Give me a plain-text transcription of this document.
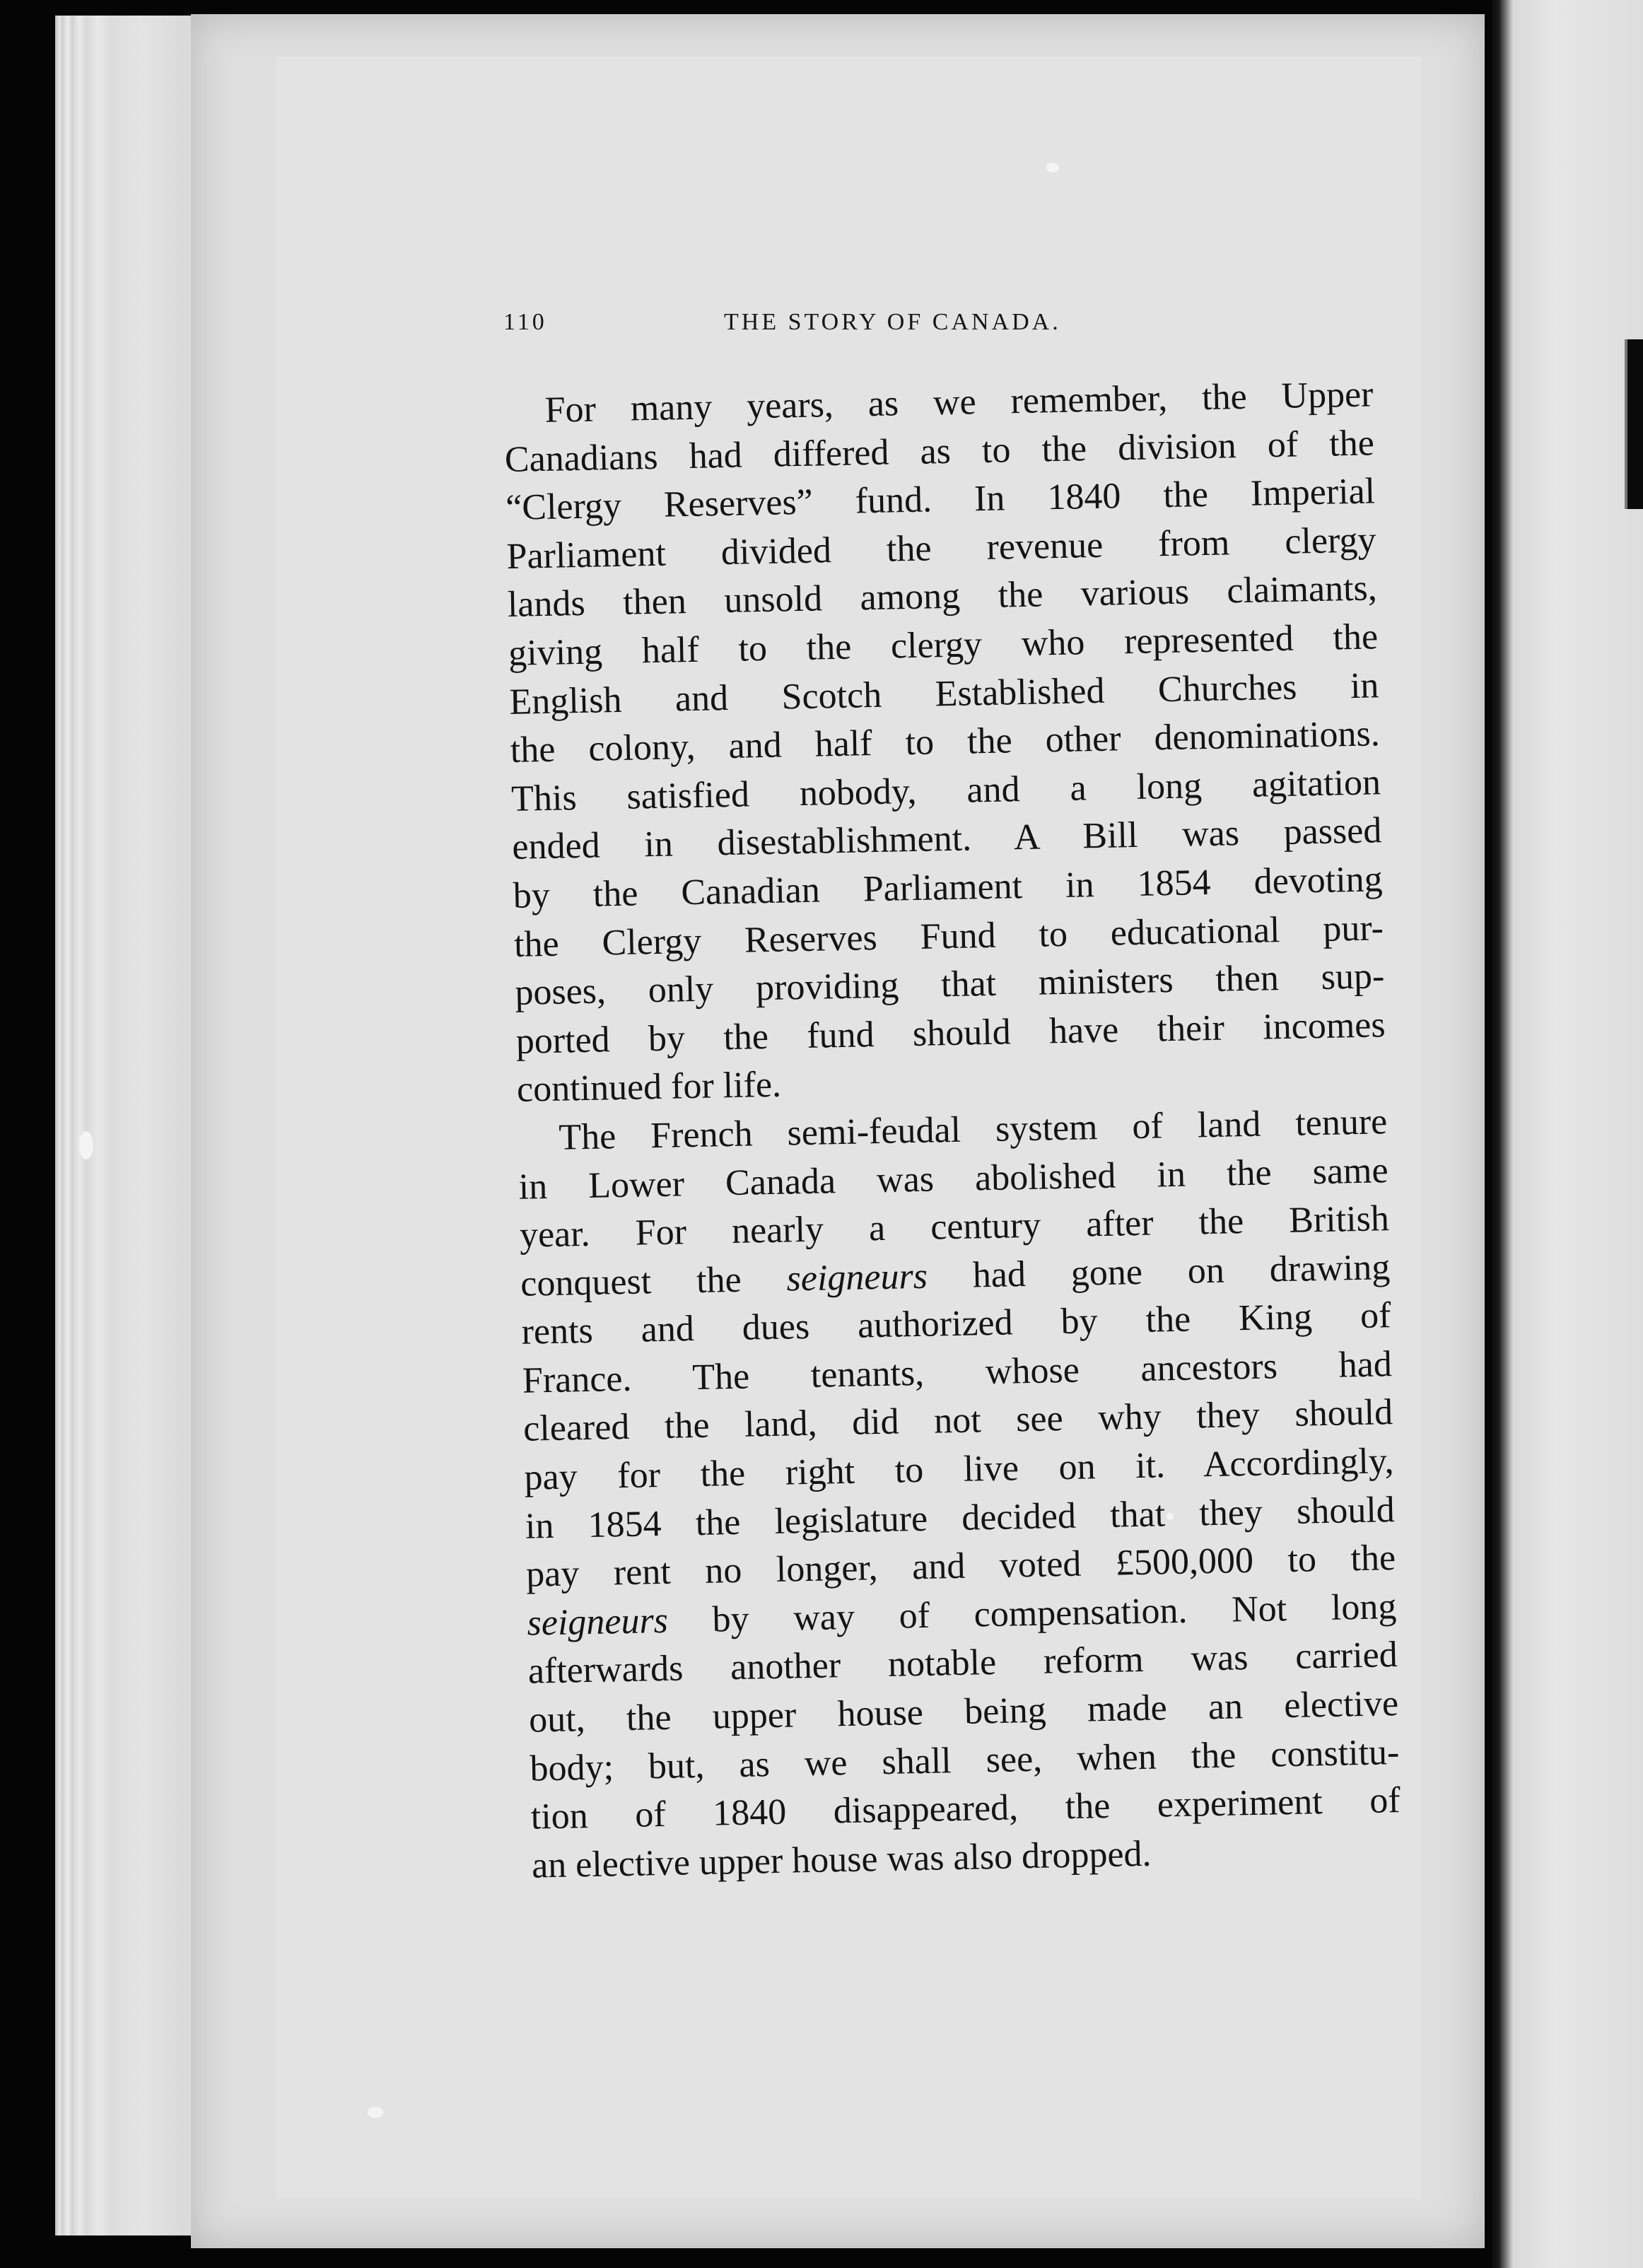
110	THE STORY OF CANADA.

For many years, as we remember, the Upper
Canadians had differed as to the division of the
“Clergy Reserves” fund. In 1840 the Imperial
Parliament divided the revenue from clergy
lands then unsold among the various claimants,
giving half to the clergy who represented the
English and Scotch Established Churches in
the colony, and half to the other denominations.
This satisfied nobody, and a long agitation
ended in disestablishment. A Bill was passed
by the Canadian Parliament in 1854 devoting
the Clergy Reserves Fund to educational pur-
poses, only providing that ministers then sup-
ported by the fund should have their incomes
continued for life.

The French semi-feudal system of land tenure
in Lower Canada was abolished in the same
year. For nearly a century after the British
conquest the seigneurs had gone on drawing
rents and dues authorized by the King of
France. The tenants, whose ancestors had
cleared the land, did not see why they should
pay for the right to live on it. Accordingly,
in 1854 the legislature decided that they should
pay rent no longer, and voted £500,000 to the
seigneurs by way of compensation. Not long
afterwards another notable reform was carried
out, the upper house being made an elective
body; but, as we shall see, when the constitu-
tion of 1840 disappeared, the experiment of
an elective upper house was also dropped.
